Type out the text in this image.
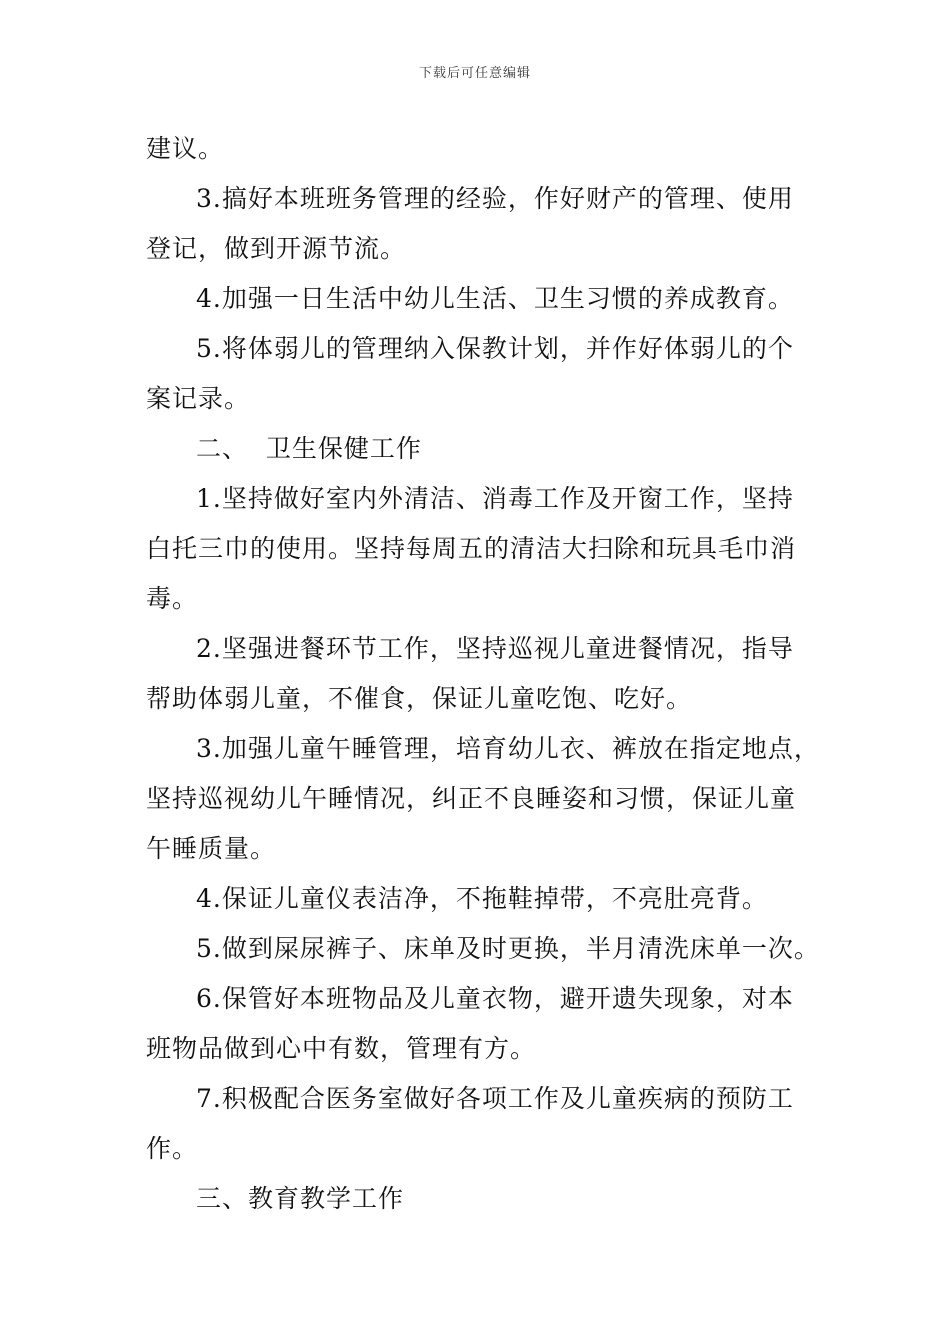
下载后可任意编辑

建议。

3.搞好本班班务管理的经验，作好财产的管理、使用

登记，做到开源节流。

4.加强一日生活中幼儿生活、卫生习惯的养成教育。

5.将体弱儿的管理纳入保教计划，并作好体弱儿的个

案记录。

二、  卫生保健工作

1.坚持做好室内外清洁、消毒工作及开窗工作，坚持

白托三巾的使用。坚持每周五的清洁大扫除和玩具毛巾消

毒。

2.坚强进餐环节工作，坚持巡视儿童进餐情况，指导

帮助体弱儿童，不催食，保证儿童吃饱、吃好。

3.加强儿童午睡管理，培育幼儿衣、裤放在指定地点，

坚持巡视幼儿午睡情况，纠正不良睡姿和习惯，保证儿童

午睡质量。

4.保证儿童仪表洁净，不拖鞋掉带，不亮肚亮背。

5.做到屎尿裤子、床单及时更换，半月清洗床单一次。

6.保管好本班物品及儿童衣物，避开遗失现象，对本

班物品做到心中有数，管理有方。

7.积极配合医务室做好各项工作及儿童疾病的预防工

作。

三、教育教学工作
